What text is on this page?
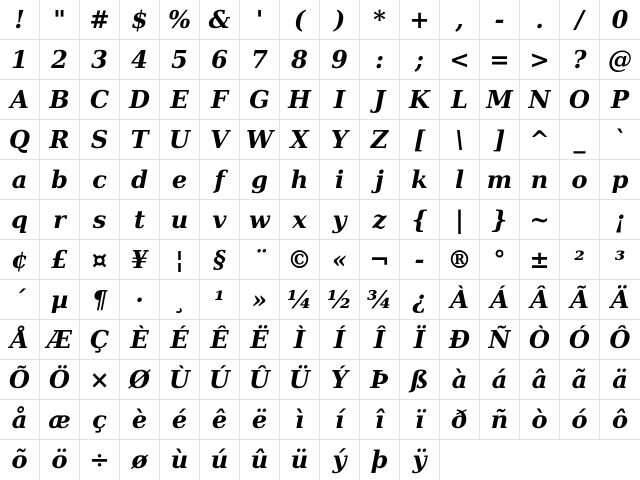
!	" # $ % &	'	(	)	* +	,	-	.	/	0
1 2 3 4 5 6 7 8 9	:	;	< = > ? @
A B C D E F G H I	J K L M N O P
Q R S T U V W X Y Z	[	\	]	^ _	`
a b	c	d e	f	g h	i	j	k	l m n o	p
q	r	s	t	u	v w x	y	z	{	|	} ~	¡
¢ £	¤	¥	¦	§	¨ © « ¬	- ® ° ±	²	³
´	µ ¶	·	¸	¹	» ¼ ½ ¾ ¿ À Á Â Ã Ä
Å Æ Ç È É Ê Ë	Ì	Í	Î	Ï Ð Ñ Ò Ó Ô
Õ Ö × Ø Ù Ú Û Ü Ý Þ ß à	á	â	ã	ä
å æ ç	è	é	ê	ë	ì	í	î	ï	ð ñ ò ó	ô
õ ö ÷ ø ù ú û ü	ý	þ	ÿ
